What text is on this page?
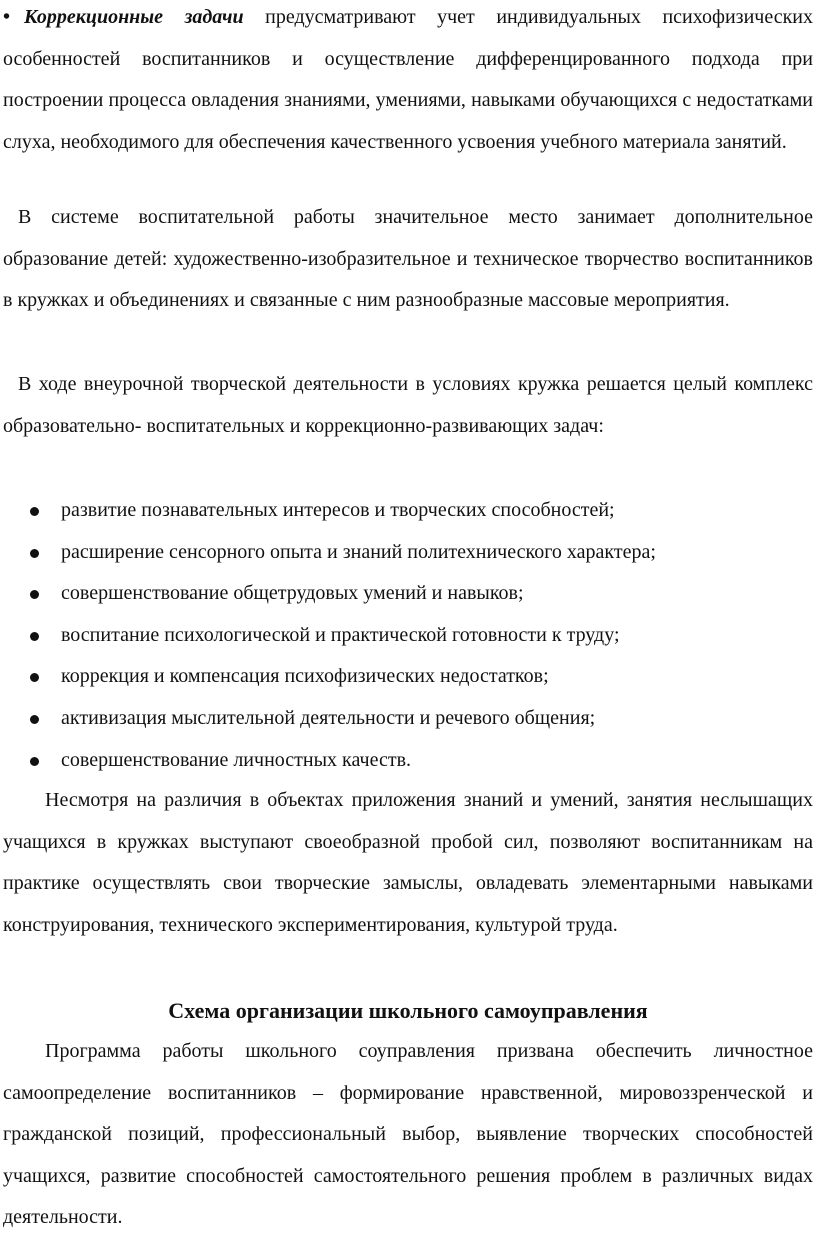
• Коррекционные задачи предусматривают учет индивидуальных психофизических особенностей воспитанников и осуществление дифференцированного подхода при построении процесса овладения знаниями, умениями, навыками обучающихся с недостатками слуха, необходимого для обеспечения качественного усвоения учебного материала занятий.

В системе воспитательной работы значительное место занимает дополнительное образование детей: художественно-изобразительное и техническое творчество воспитанников в кружках и объединениях и связанные с ним разнообразные массовые мероприятия.

В ходе внеурочной творческой деятельности в условиях кружка решается целый комплекс образовательно- воспитательных и коррекционно-развивающих задач:

развитие познавательных интересов и творческих способностей;
расширение сенсорного опыта и знаний политехнического характера;
совершенствование общетрудовых умений и навыков;
воспитание психологической и практической готовности к труду;
коррекция и компенсация психофизических недостатков;
активизация мыслительной деятельности и речевого общения;
совершенствование личностных качеств.

Несмотря на различия в объектах приложения знаний и умений, занятия неслышащих учащихся в кружках выступают своеобразной пробой сил, позволяют воспитанникам на практике осуществлять свои творческие замыслы, овладевать элементарными навыками конструирования, технического экспериментирования, культурой труда.

Схема организации школьного самоуправления

Программа работы школьного соуправления призвана обеспечить личностное самоопределение воспитанников – формирование нравственной, мировоззренческой и гражданской позиций, профессиональный выбор, выявление творческих способностей учащихся, развитие способностей самостоятельного решения проблем в различных видах деятельности.
